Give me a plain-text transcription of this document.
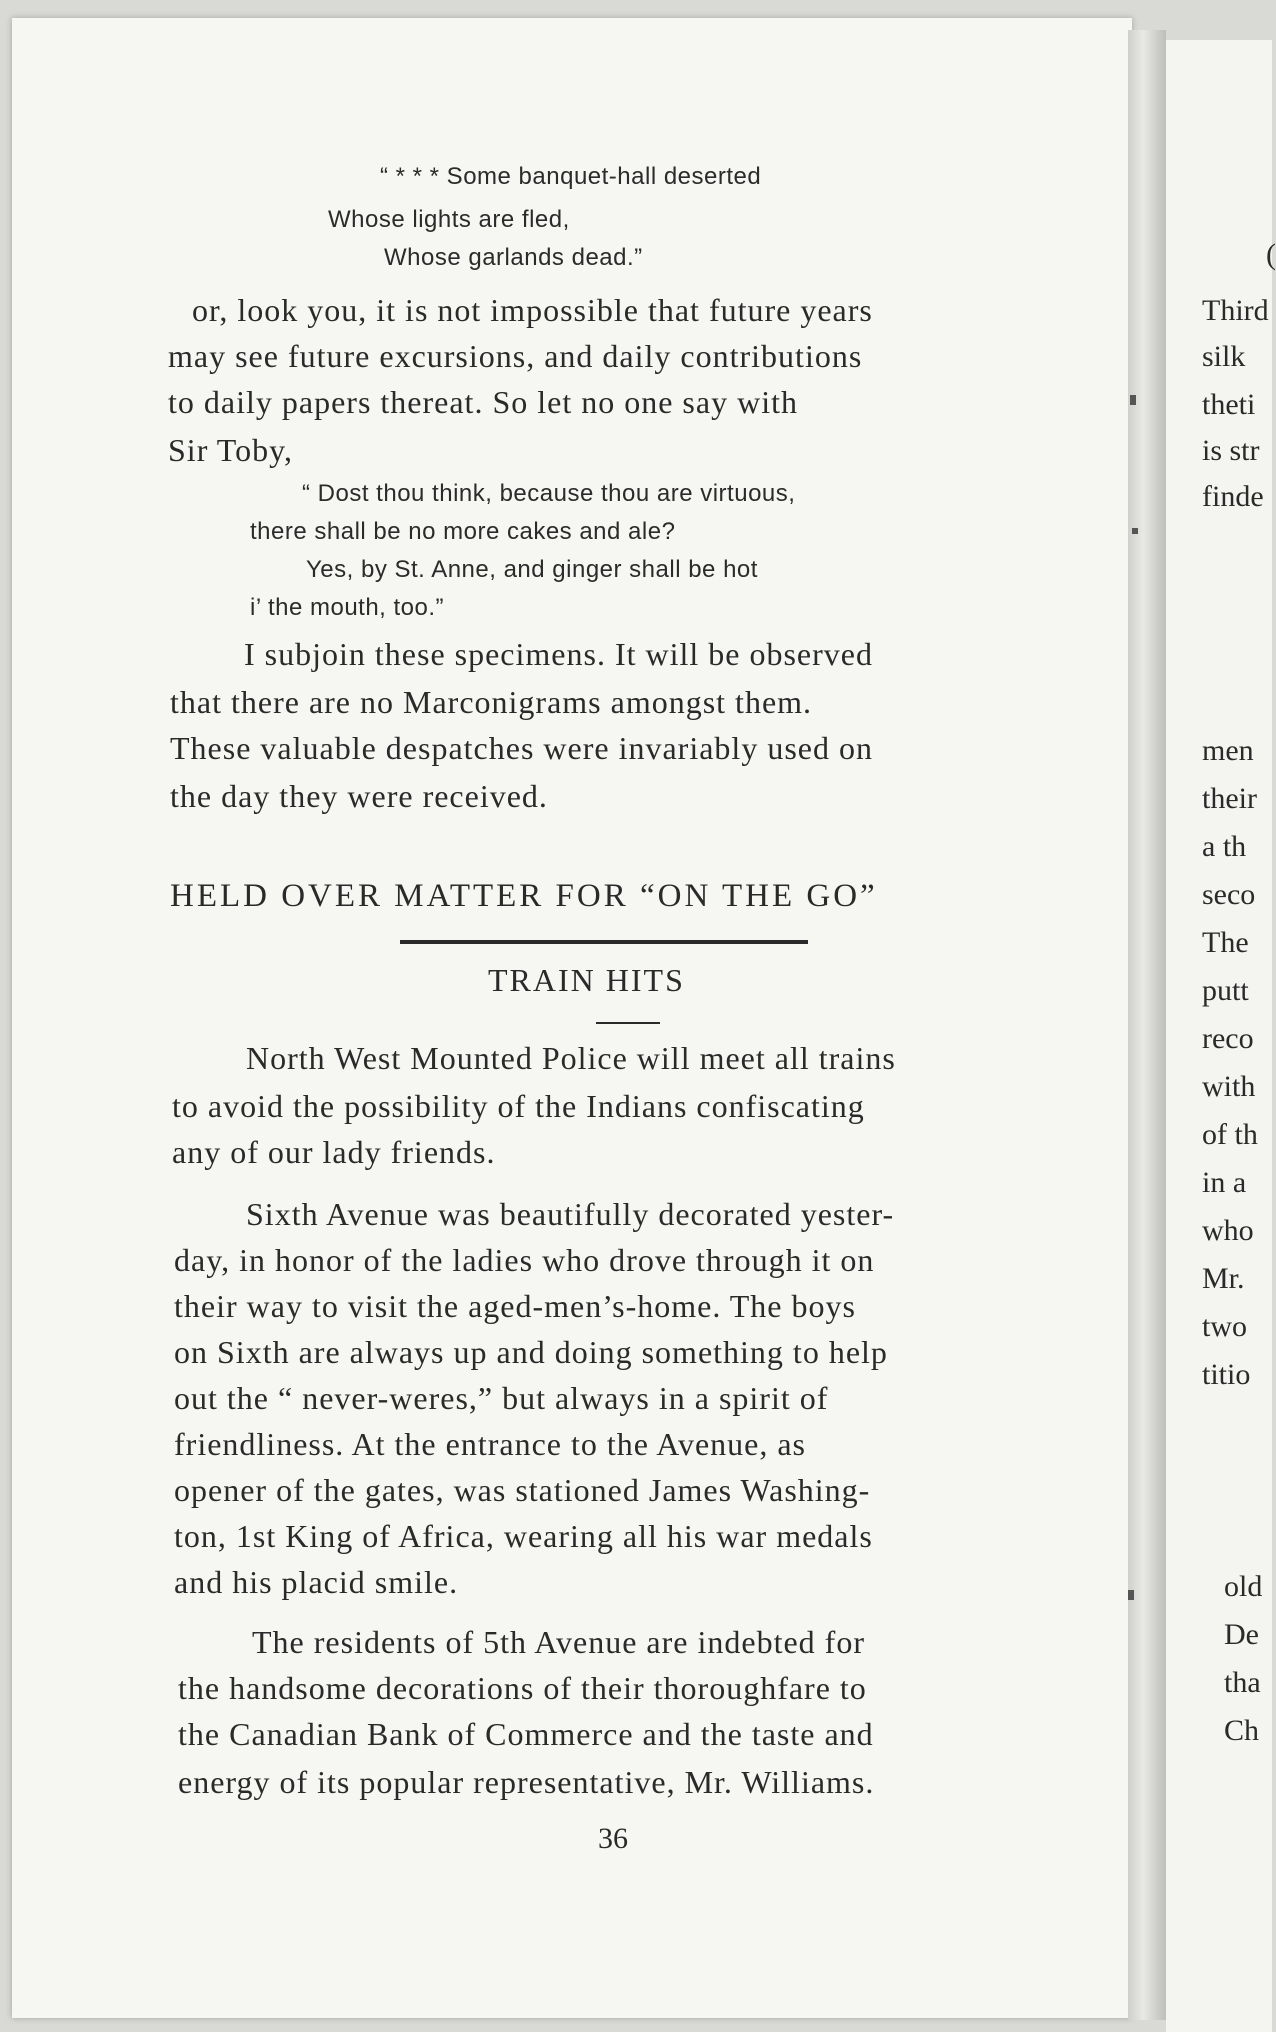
“ * * * Some banquet-hall deserted
Whose lights are fled,
Whose garlands dead.”
or, look you, it is not impossible that future years
may see future excursions, and daily contributions
to daily papers thereat. So let no one say with
Sir Toby,
“ Dost thou think, because thou are virtuous,
there shall be no more cakes and ale?
Yes, by St. Anne, and ginger shall be hot
i’ the mouth, too.”
I subjoin these specimens. It will be observed
that there are no Marconigrams amongst them.
These valuable despatches were invariably used on
the day they were received.
HELD OVER MATTER FOR “ON THE GO”
TRAIN HITS
North West Mounted Police will meet all trains
to avoid the possibility of the Indians confiscating
any of our lady friends.
Sixth Avenue was beautifully decorated yester-
day, in honor of the ladies who drove through it on
their way to visit the aged-men’s-home. The boys
on Sixth are always up and doing something to help
out the “ never-weres,” but always in a spirit of
friendliness. At the entrance to the Avenue, as
opener of the gates, was stationed James Washing-
ton, 1st King of Africa, wearing all his war medals
and his placid smile.
The residents of 5th Avenue are indebted for
the handsome decorations of their thoroughfare to
the Canadian Bank of Commerce and the taste and
energy of its popular representative, Mr. Williams.
36
(
Third
silk
theti
is str
finde
men
their
a th
seco
The
putt
reco
with
of th
in a
who
Mr.
two
titio
old
De
tha
Ch
